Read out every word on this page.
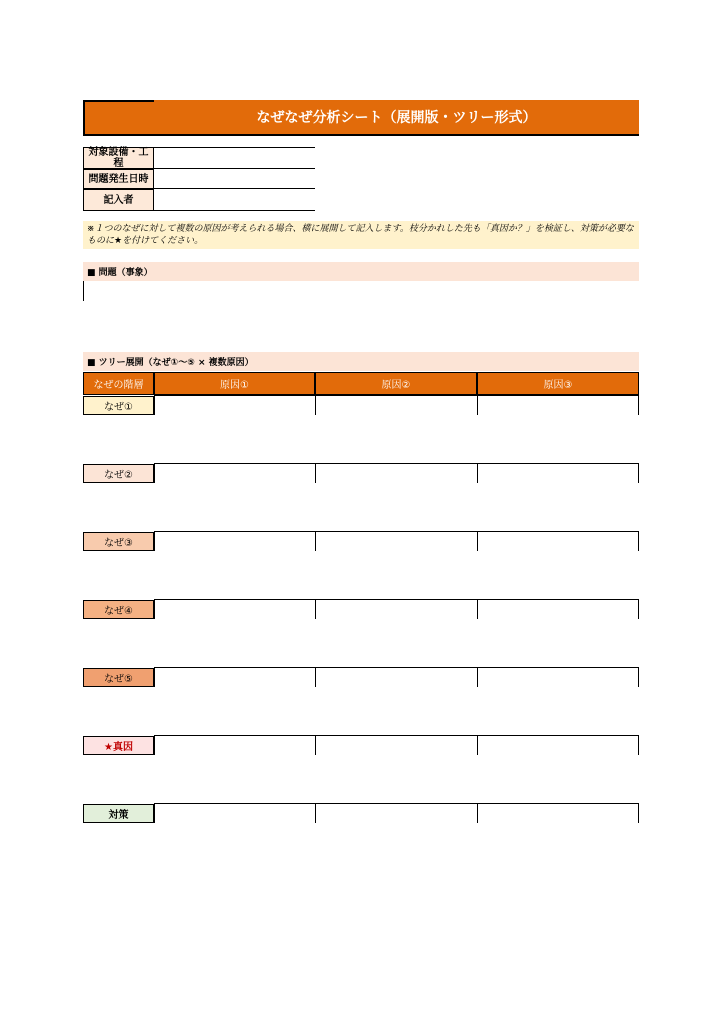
なぜなぜ分析シート（展開版・ツリー形式）
対象設備・工程
問題発生日時
記入者
※１つのなぜに対して複数の原因が考えられる場合、横に展開して記入します。枝分かれした先も「真因か？」を検証し、対策が必要なものに★を付けてください。
■ 問題（事象）
■ ツリー展開（なぜ①～⑤ × 複数原因）
なぜの階層	原因①	原因②	原因③
なぜ①
なぜ②
なぜ③
なぜ④
なぜ⑤
★真因
対策
